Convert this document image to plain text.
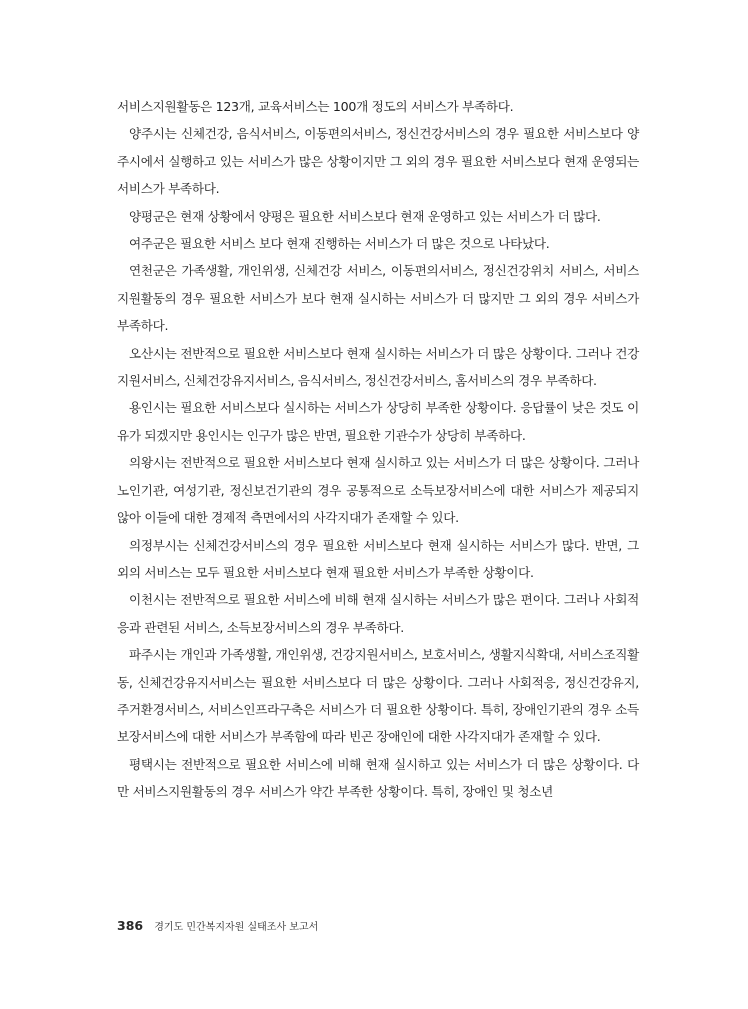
서비스지원활동은 123개, 교육서비스는 100개 정도의 서비스가 부족하다.

양주시는 신체건강, 음식서비스, 이동편의서비스, 정신건강서비스의 경우 필요한 서비스보다 양주시에서 실행하고 있는 서비스가 많은 상황이지만 그 외의 경우 필요한 서비스보다 현재 운영되는 서비스가 부족하다.

양평군은 현재 상황에서 양평은 필요한 서비스보다 현재 운영하고 있는 서비스가 더 많다.

여주군은 필요한 서비스 보다 현재 진행하는 서비스가 더 많은 것으로 나타났다.

연천군은 가족생활, 개인위생, 신체건강 서비스, 이동편의서비스, 정신건강위치 서비스, 서비스지원활동의 경우 필요한 서비스가 보다 현재 실시하는 서비스가 더 많지만 그 외의 경우 서비스가 부족하다.

오산시는 전반적으로 필요한 서비스보다 현재 실시하는 서비스가 더 많은 상황이다. 그러나 건강지원서비스, 신체건강유지서비스, 음식서비스, 정신건강서비스, 홈서비스의 경우 부족하다.

용인시는 필요한 서비스보다 실시하는 서비스가 상당히 부족한 상황이다. 응답률이 낮은 것도 이유가 되겠지만 용인시는 인구가 많은 반면, 필요한 기관수가 상당히 부족하다.

의왕시는 전반적으로 필요한 서비스보다 현재 실시하고 있는 서비스가 더 많은 상황이다. 그러나 노인기관, 여성기관, 정신보건기관의 경우 공통적으로 소득보장서비스에 대한 서비스가 제공되지 않아 이들에 대한 경제적 측면에서의 사각지대가 존재할 수 있다.

의정부시는 신체건강서비스의 경우 필요한 서비스보다 현재 실시하는 서비스가 많다. 반면, 그 외의 서비스는 모두 필요한 서비스보다 현재 필요한 서비스가 부족한 상황이다.

이천시는 전반적으로 필요한 서비스에 비해 현재 실시하는 서비스가 많은 편이다. 그러나 사회적응과 관련된 서비스, 소득보장서비스의 경우 부족하다.

파주시는 개인과 가족생활, 개인위생, 건강지원서비스, 보호서비스, 생활지식확대, 서비스조직활동, 신체건강유지서비스는 필요한 서비스보다 더 많은 상황이다. 그러나 사회적응, 정신건강유지, 주거환경서비스, 서비스인프라구축은 서비스가 더 필요한 상황이다. 특히, 장애인기관의 경우 소득보장서비스에 대한 서비스가 부족함에 따라 빈곤 장애인에 대한 사각지대가 존재할 수 있다.

평택시는 전반적으로 필요한 서비스에 비해 현재 실시하고 있는 서비스가 더 많은 상황이다. 다만 서비스지원활동의 경우 서비스가 약간 부족한 상황이다. 특히, 장애인 및 청소년

386 경기도 민간복지자원 실태조사 보고서
